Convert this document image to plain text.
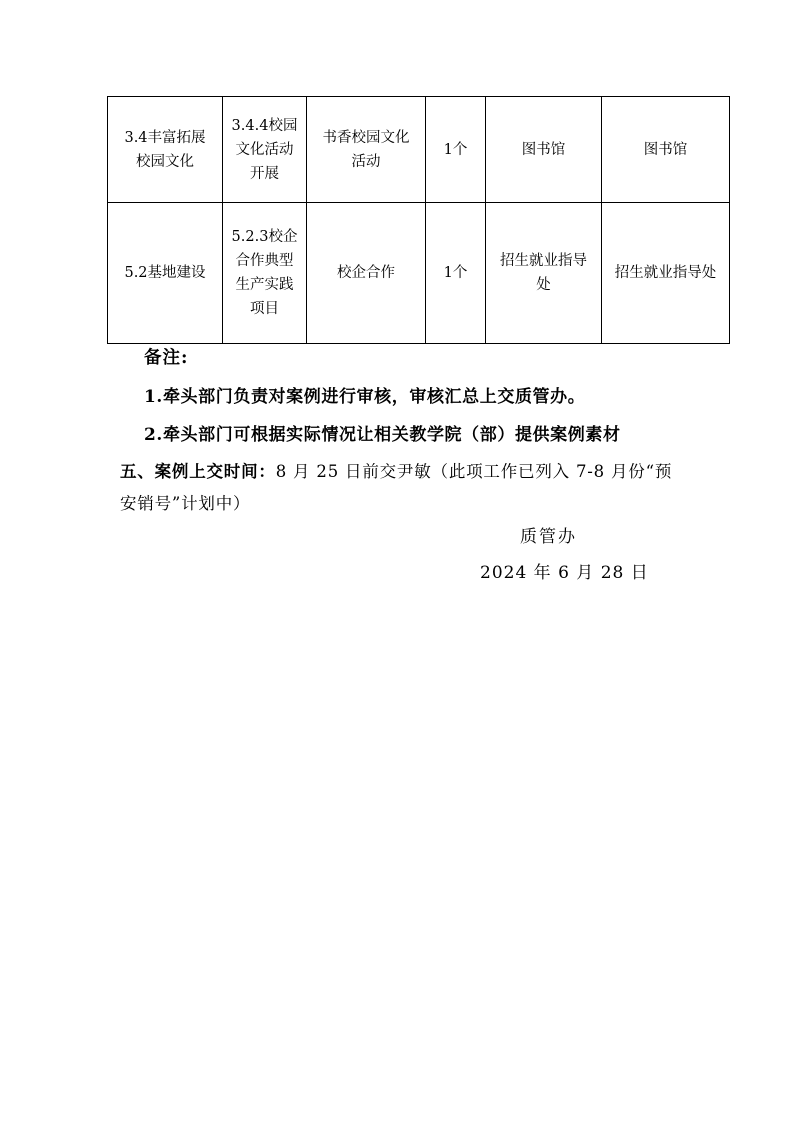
3.4丰富拓展校园文化	3.4.4校园文化活动开展	书香校园文化活动	1个	图书馆	图书馆
5.2基地建设	5.2.3校企合作典型生产实践项目	校企合作	1个	招生就业指导处	招生就业指导处
备注:
1.牵头部门负责对案例进行审核，审核汇总上交质管办。
2.牵头部门可根据实际情况让相关教学院（部）提供案例素材
五、案例上交时间：8 月 25 日前交尹敏（此项工作已列入 7-8 月份“预安销号”计划中）
质管办
2024 年 6 月 28 日
